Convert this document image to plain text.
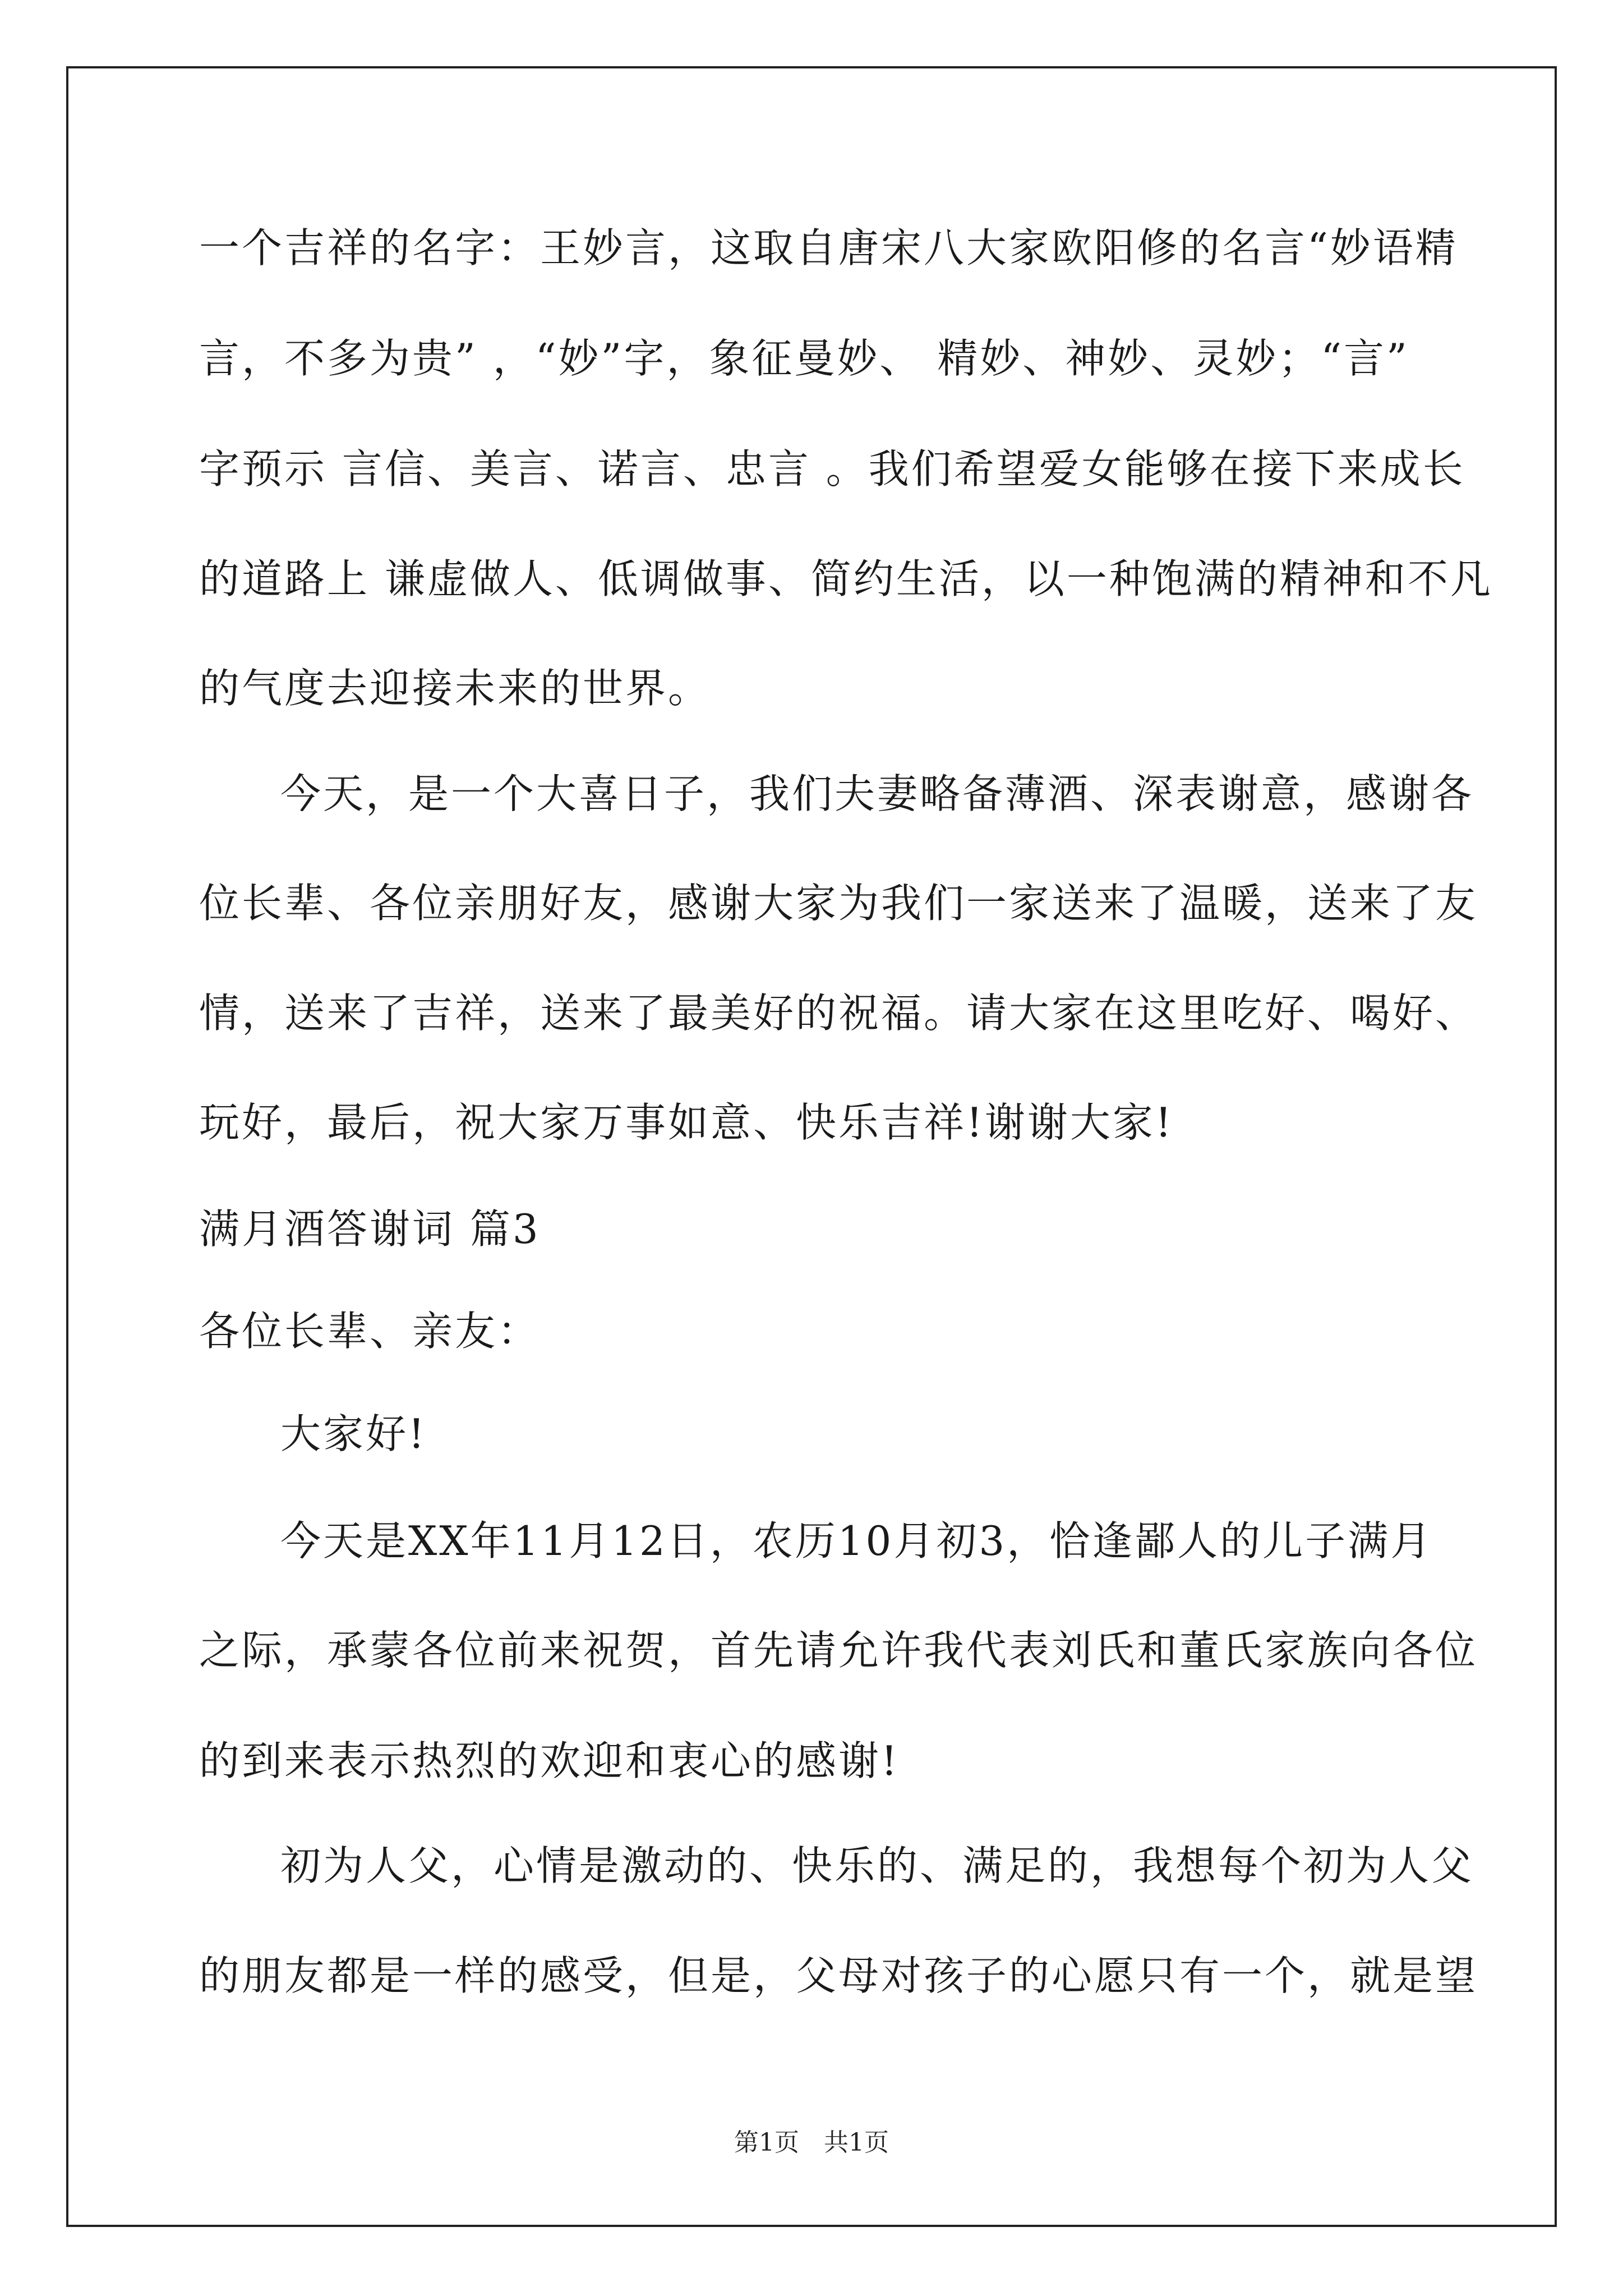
一个吉祥的名字：王妙言，这取自唐宋八大家欧阳修的名言“妙语精
言，不多为贵” ，“妙”字，象征曼妙、 精妙、神妙、灵妙；“言”
字预示 言信、美言、诺言、忠言 。我们希望爱女能够在接下来成长
的道路上 谦虚做人、低调做事、简约生活，以一种饱满的精神和不凡
的气度去迎接未来的世界。
今天，是一个大喜日子，我们夫妻略备薄酒、深表谢意，感谢各
位长辈、各位亲朋好友，感谢大家为我们一家送来了温暖，送来了友
情，送来了吉祥，送来了最美好的祝福。请大家在这里吃好、喝好、
玩好，最后，祝大家万事如意、快乐吉祥!谢谢大家!
满月酒答谢词 篇3
各位长辈、亲友：
大家好!
今天是XX年11月12日，农历10月初3，恰逢鄙人的儿子满月
之际，承蒙各位前来祝贺，首先请允许我代表刘氏和董氏家族向各位
的到来表示热烈的欢迎和衷心的感谢!
初为人父，心情是激动的、快乐的、满足的，我想每个初为人父
的朋友都是一样的感受，但是，父母对孩子的心愿只有一个，就是望
第1页　共1页
